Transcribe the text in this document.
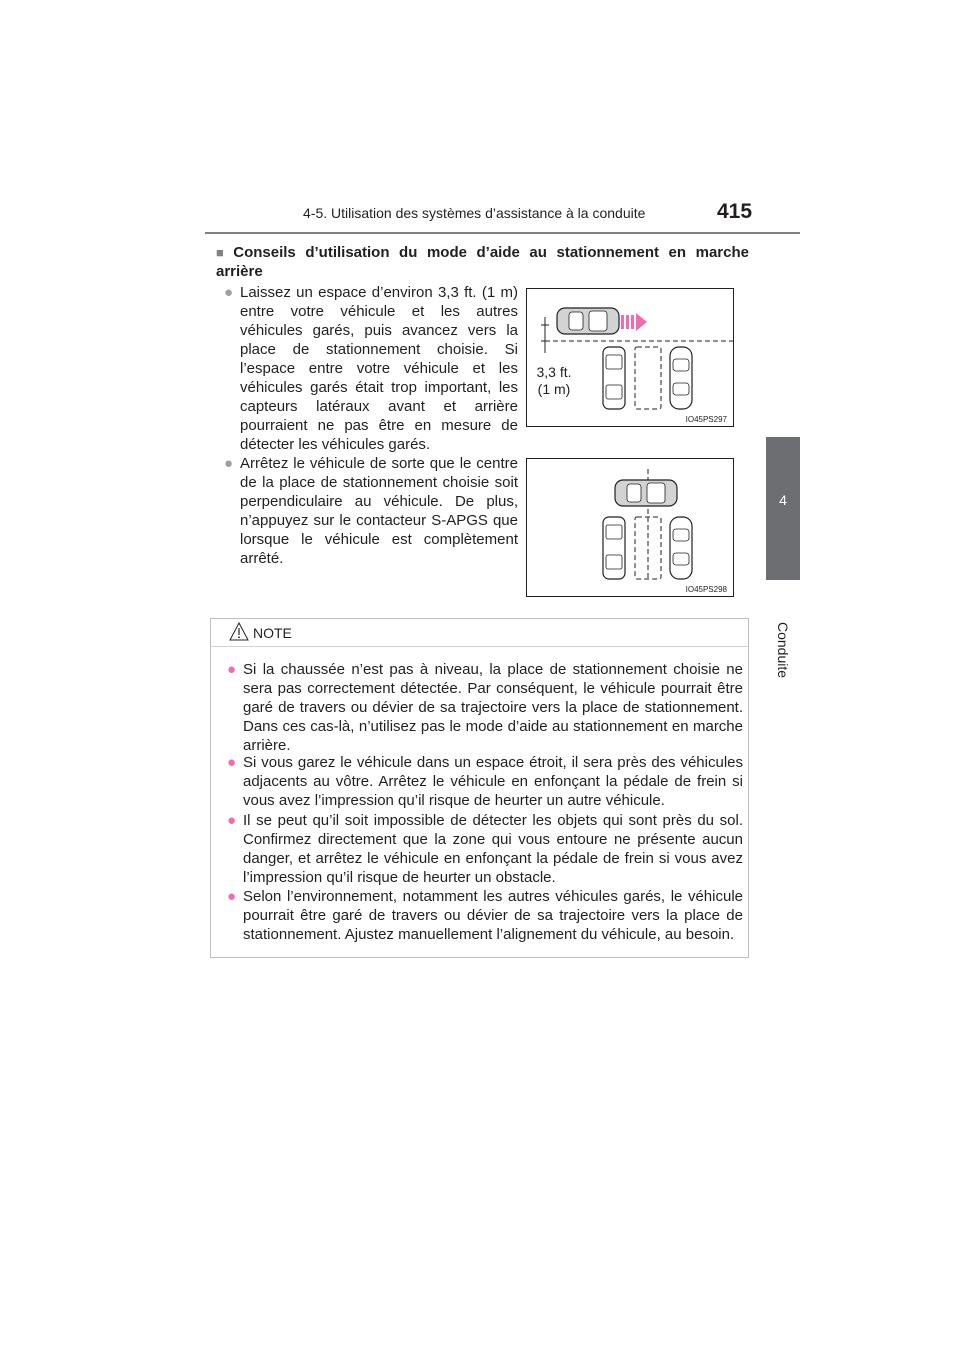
4-5. Utilisation des systèmes d’assistance à la conduite	415
4
Conduite
■ Conseils d’utilisation du mode d’aide au stationnement en marche arrière
● Laissez un espace d’environ 3,3 ft. (1 m) entre votre véhicule et les autres véhicules garés, puis avancez vers la place de stationnement choisie. Si l’espace entre votre véhicule et les véhicules garés était trop important, les capteurs latéraux avant et arrière pourraient ne pas être en mesure de détecter les véhicules garés.
3,3 ft.
(1 m)
IO45PS297
● Arrêtez le véhicule de sorte que le centre de la place de stationnement choisie soit perpendiculaire au véhicule. De plus, n’appuyez sur le contacteur S-APGS que lorsque le véhicule est complètement arrêté.
IO45PS298
NOTE
● Si la chaussée n’est pas à niveau, la place de stationnement choisie ne sera pas correctement détectée. Par conséquent, le véhicule pourrait être garé de travers ou dévier de sa trajectoire vers la place de stationnement. Dans ces cas-là, n’utilisez pas le mode d’aide au stationnement en marche arrière.
● Si vous garez le véhicule dans un espace étroit, il sera près des véhicules adjacents au vôtre. Arrêtez le véhicule en enfonçant la pédale de frein si vous avez l’impression qu’il risque de heurter un autre véhicule.
● Il se peut qu’il soit impossible de détecter les objets qui sont près du sol. Confirmez directement que la zone qui vous entoure ne présente aucun danger, et arrêtez le véhicule en enfonçant la pédale de frein si vous avez l’impression qu’il risque de heurter un obstacle.
● Selon l’environnement, notamment les autres véhicules garés, le véhicule pourrait être garé de travers ou dévier de sa trajectoire vers la place de stationnement. Ajustez manuellement l’alignement du véhicule, au besoin.
